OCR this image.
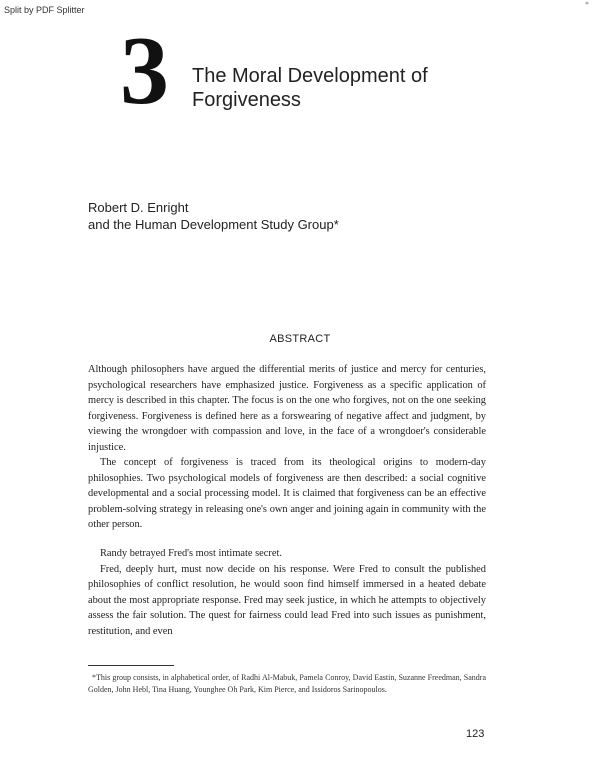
Split by PDF Splitter
*
3 The Moral Development of
Forgiveness
Robert D. Enright
and the Human Development Study Group*
ABSTRACT

Although philosophers have argued the differential merits of justice and mercy for centuries, psychological researchers have emphasized justice. Forgiveness as a specific application of mercy is described in this chapter. The focus is on the one who forgives, not on the one seeking forgiveness. Forgiveness is defined here as a forswearing of negative affect and judgment, by viewing the wrongdoer with compassion and love, in the face of a wrongdoer's considerable injustice.

The concept of forgiveness is traced from its theological origins to modern-day philosophies. Two psychological models of forgiveness are then described: a social cognitive developmental and a social processing model. It is claimed that forgiveness can be an effective problem-solving strategy in releasing one's own anger and joining again in community with the other person.

Randy betrayed Fred's most intimate secret.

Fred, deeply hurt, must now decide on his response. Were Fred to consult the published philosophies of conflict resolution, he would soon find himself immersed in a heated debate about the most appropriate response. Fred may seek justice, in which he attempts to objectively assess the fair solution. The quest for fairness could lead Fred into such issues as punishment, restitution, and even

*This group consists, in alphabetical order, of Radhi Al-Mabuk, Pamela Conroy, David Eastin, Suzanne Freedman, Sandra Golden, John Hebl, Tina Huang, Younghee Oh Park, Kim Pierce, and Issidoros Sarinopoulos.

123
